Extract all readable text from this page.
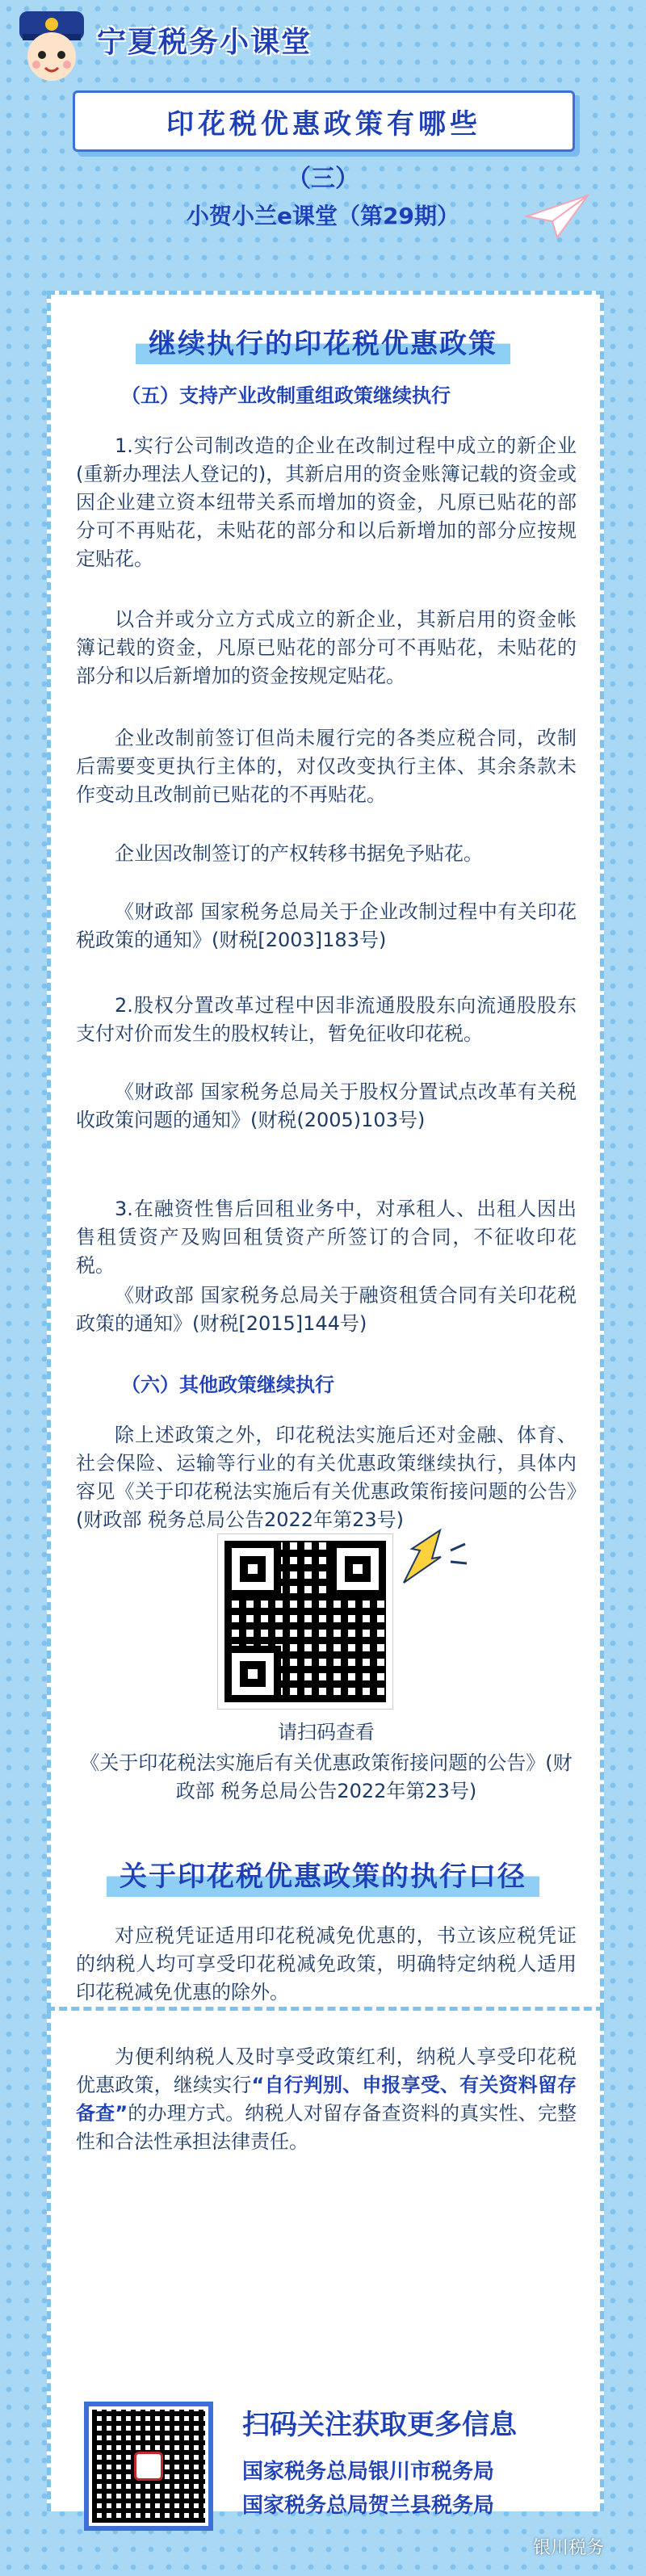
宁夏税务小课堂
印花税优惠政策有哪些
（三）
小贺小兰e课堂（第29期）
继续执行的印花税优惠政策
（五）支持产业改制重组政策继续执行

1.实行公司制改造的企业在改制过程中成立的新企业(重新办理法人登记的)，其新启用的资金账簿记载的资金或因企业建立资本纽带关系而增加的资金，凡原已贴花的部分可不再贴花，未贴花的部分和以后新增加的部分应按规定贴花。

以合并或分立方式成立的新企业，其新启用的资金帐簿记载的资金，凡原已贴花的部分可不再贴花，未贴花的部分和以后新增加的资金按规定贴花。

企业改制前签订但尚未履行完的各类应税合同，改制后需要变更执行主体的，对仅改变执行主体、其余条款未作变动且改制前已贴花的不再贴花。

企业因改制签订的产权转移书据免予贴花。

《财政部 国家税务总局关于企业改制过程中有关印花税政策的通知》(财税[2003]183号)

2.股权分置改革过程中因非流通股股东向流通股股东支付对价而发生的股权转让，暂免征收印花税。

《财政部 国家税务总局关于股权分置试点改革有关税收政策问题的通知》(财税(2005)103号)

3.在融资性售后回租业务中，对承租人、出租人因出售租赁资产及购回租赁资产所签订的合同，不征收印花税。

《财政部 国家税务总局关于融资租赁合同有关印花税政策的通知》(财税[2015]144号)

（六）其他政策继续执行

除上述政策之外，印花税法实施后还对金融、体育、社会保险、运输等行业的有关优惠政策继续执行，具体内容见《关于印花税法实施后有关优惠政策衔接问题的公告》(财政部 税务总局公告2022年第23号)

请扫码查看

《关于印花税法实施后有关优惠政策衔接问题的公告》(财政部 税务总局公告2022年第23号)

关于印花税优惠政策的执行口径

对应税凭证适用印花税减免优惠的，书立该应税凭证的纳税人均可享受印花税减免政策，明确特定纳税人适用印花税减免优惠的除外。

为便利纳税人及时享受政策红利，纳税人享受印花税优惠政策，继续实行“自行判别、申报享受、有关资料留存备查”的办理方式。纳税人对留存备查资料的真实性、完整性和合法性承担法律责任。

扫码关注获取更多信息
国家税务总局银川市税务局
国家税务总局贺兰县税务局
银川税务
